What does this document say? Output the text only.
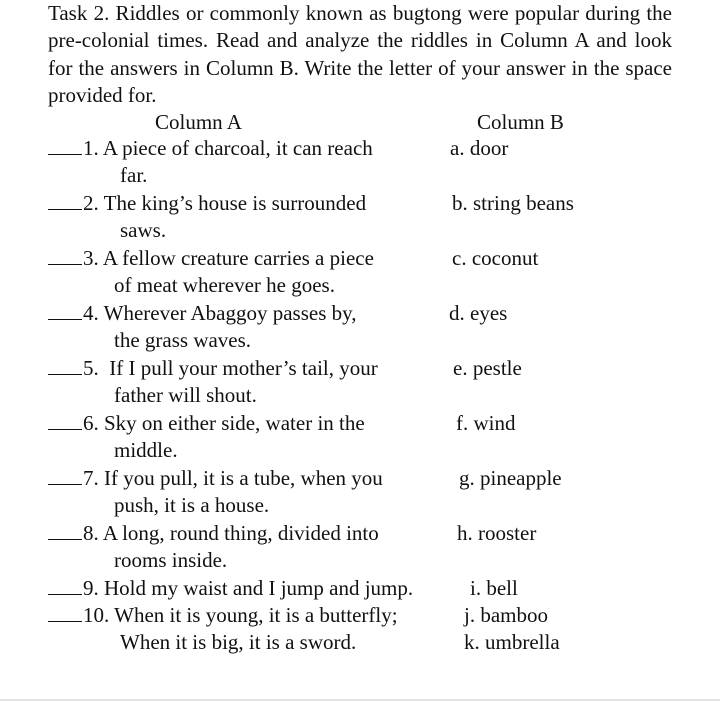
Task 2. Riddles or commonly known as bugtong were popular during the pre-colonial times. Read and analyze the riddles in Column A and look for the answers in Column B. Write the letter of your answer in the space provided for.

Column A	Column B
1. A piece of charcoal, it can reach
far.
2. The king’s house is surrounded
saws.
3. A fellow creature carries a piece
of meat wherever he goes.
4. Wherever Abaggoy passes by,
the grass waves.
5.  If I pull your mother’s tail, your
father will shout.
6. Sky on either side, water in the
middle.
7. If you pull, it is a tube, when you
push, it is a house.
8. A long, round thing, divided into
rooms inside.
9. Hold my waist and I jump and jump.
10. When it is young, it is a butterfly;
When it is big, it is a sword.
a. door
b. string beans
c. coconut
d. eyes
e. pestle
f. wind
g. pineapple
h. rooster
i. bell
j. bamboo
k. umbrella
